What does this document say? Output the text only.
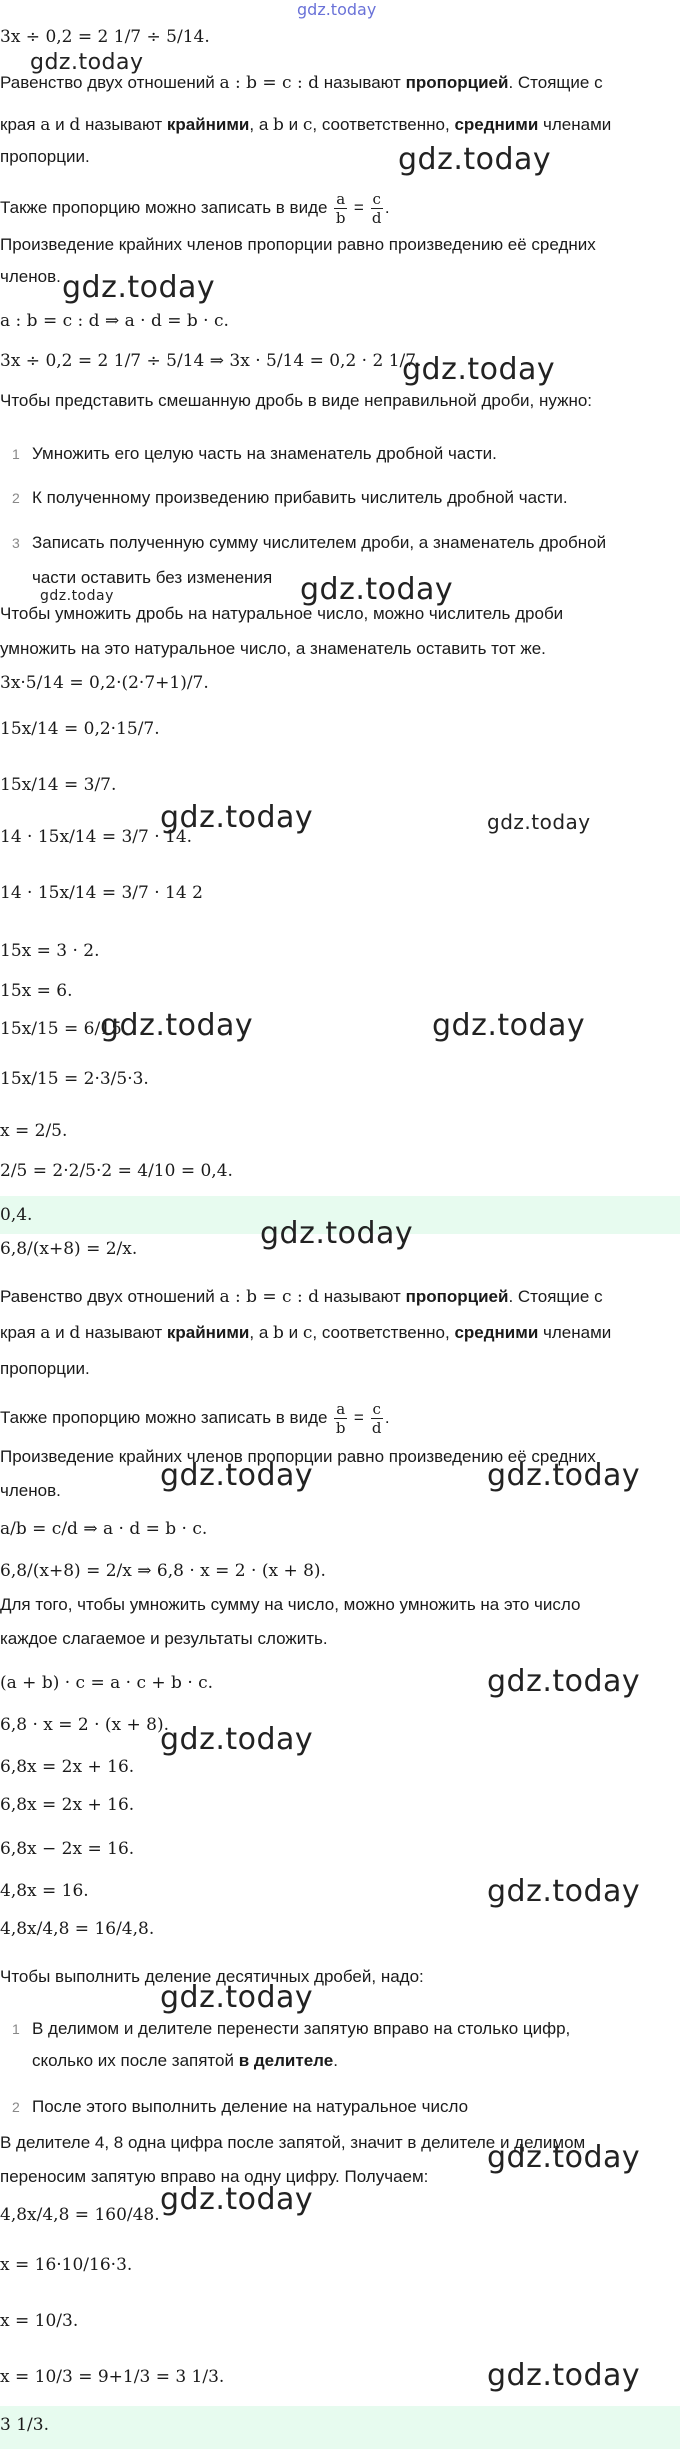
gdz.today
3x ÷ 0,2 = 2 1/7 ÷ 5/14.
gdz.today
Равенство двух отношений a : b = c : d называют пропорцией. Стоящие с
края a и d называют крайними, а b и c, соответственно, средними членами
пропорции.	gdz.today
Также пропорцию можно записать в виде $\frac{a}{b} = \frac{c}{d}$ .
Произведение крайних членов пропорции равно произведению её средних
членов. gdz.today
a : b = c : d ⇒ a · d = b · c.
3x ÷ 0,2 = 2 1/7 ÷ 5/14 ⇒ 3x · 5/14 = 0,2 · 2 1/7.
gdz.today
Чтобы представить смешанную дробь в виде неправильной дроби, нужно:
1 Умножить его целую часть на знаменатель дробной части.
2 К полученному произведению прибавить числитель дробной части.
3 Записать полученную сумму числителем дроби, а знаменатель дробной
части оставить без изменения gdz.today
gdz.today
Чтобы умножить дробь на натуральное число, можно числитель дроби
умножить на это натуральное число, а знаменатель оставить тот же.
3x·5/14 = 0,2·(2·7+1)/7.
15x/14 = 0,2·15/7.
15x/14 = 3/7.
14 · 15x/14 = 3/7 · 14.
gdz.today	gdz.today
14 · 15x/14 = 3/7 · 14 2
15x = 3 · 2.
15x = 6.
15x/15 = 6/15.
gdz.today	gdz.today
15x/15 = 2·3/5·3.
x = 2/5.
2/5 = 2·2/5·2 = 4/10 = 0,4.
0,4.
6,8/(x+8) = 2/x.	gdz.today
Равенство двух отношений a : b = c : d называют пропорцией. Стоящие с
края a и d называют крайними, а b и c, соответственно, средними членами
пропорции.
Также пропорцию можно записать в виде $\frac{a}{b} = \frac{c}{d}$ .
Произведение крайних членов пропорции равно произведению её средних
членов.	gdz.today	gdz.today
a/b = c/d ⇒ a · d = b · c.
6,8/(x+8) = 2/x ⇒ 6,8 · x = 2 · (x + 8).
Для того, чтобы умножить сумму на число, можно умножить на это число
каждое слагаемое и результаты сложить.
(a + b) · c = a · c + b · c.	gdz.today
6,8 · x = 2 · (x + 8).
gdz.today
6,8x = 2x + 16.
6,8x = 2x + 16.
6,8x − 2x = 16.
4,8x = 16.	gdz.today
4,8x/4,8 = 16/4,8.
Чтобы выполнить деление десятичных дробей, надо:
gdz.today
1 В делимом и делителе перенести запятую вправо на столько цифр,
сколько их после запятой в делителе.
2 После этого выполнить деление на натуральное число
В делителе 4, 8 одна цифра после запятой, значит в делителе и делимом
переносим запятую вправо на одну цифру. Получаем:
gdz.today
gdz.today
4,8x/4,8 = 160/48.
x = 16·10/16·3.
x = 10/3.
x = 10/3 = 9+1/3 = 3 1/3.	gdz.today
3 1/3.
